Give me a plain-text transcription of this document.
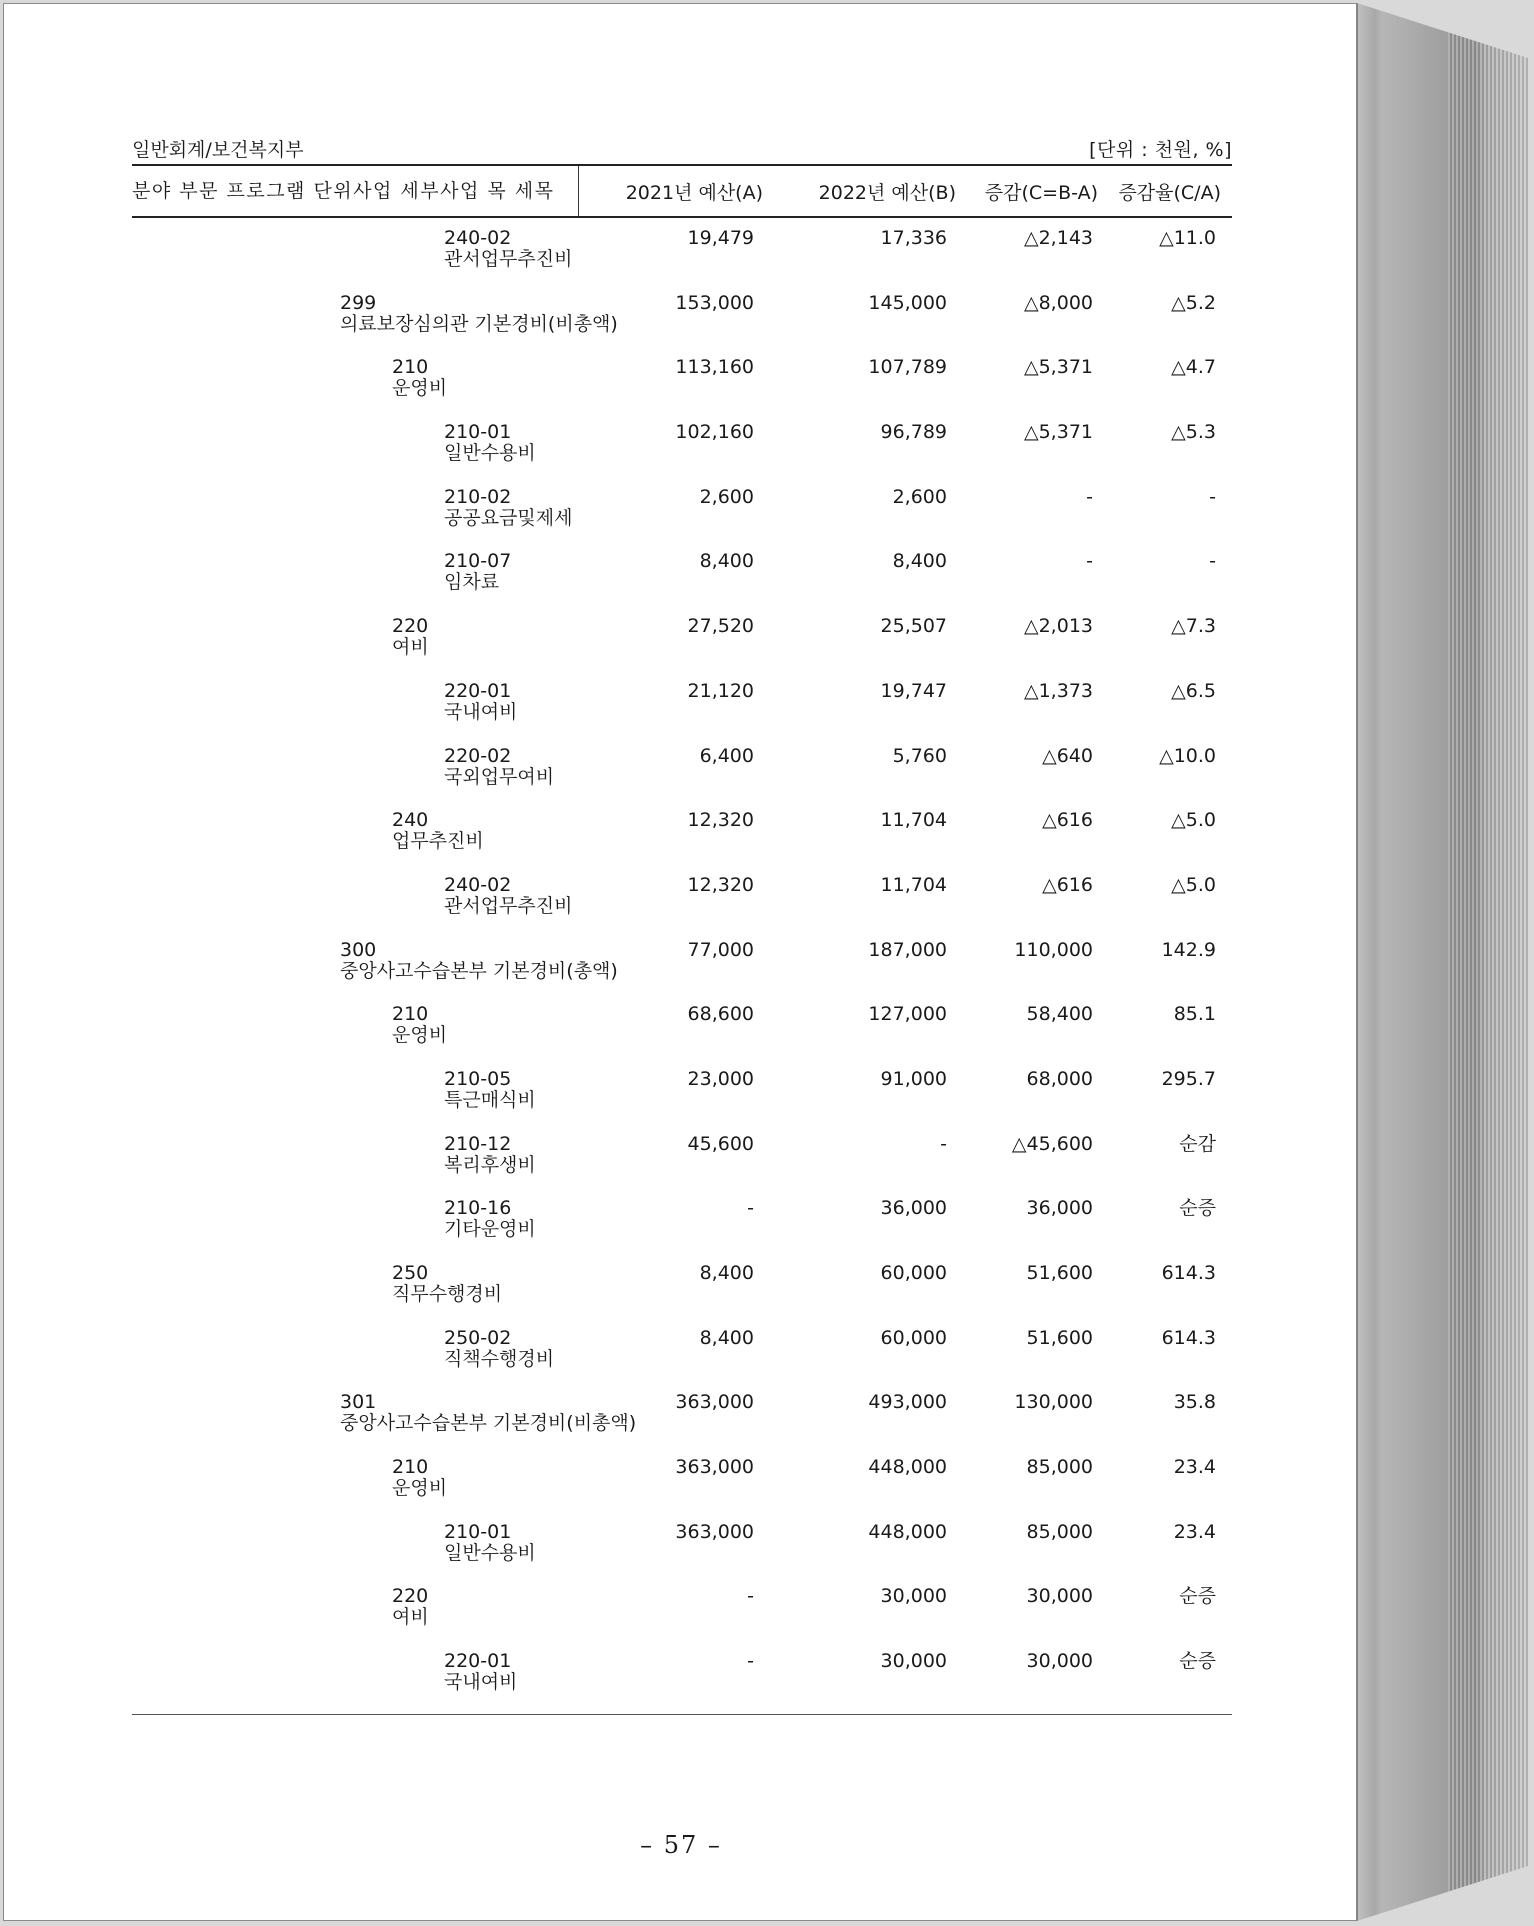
일반회계/보건복지부	[단위 : 천원, %]
분야 부문 프로그램 단위사업 세부사업 목 세목	2021년 예산(A)	2022년 예산(B)	증감(C=B-A)	증감율(C/A)
240-02
관서업무추진비
19,479	17,336	△2,143	△11.0
299
의료보장심의관 기본경비(비총액)
153,000	145,000	△8,000	△5.2
210
운영비
113,160	107,789	△5,371	△4.7
210-01
일반수용비
102,160	96,789	△5,371	△5.3
210-02
공공요금및제세
2,600	2,600	-	-
210-07
임차료
8,400	8,400	-	-
220
여비
27,520	25,507	△2,013	△7.3
220-01
국내여비
21,120	19,747	△1,373	△6.5
220-02
국외업무여비
6,400	5,760	△640	△10.0
240
업무추진비
12,320	11,704	△616	△5.0
240-02
관서업무추진비
12,320	11,704	△616	△5.0
300
중앙사고수습본부 기본경비(총액)
77,000	187,000	110,000	142.9
210
운영비
68,600	127,000	58,400	85.1
210-05
특근매식비
23,000	91,000	68,000	295.7
210-12
복리후생비
45,600	-	△45,600	순감
210-16
기타운영비
-	36,000	36,000	순증
250
직무수행경비
8,400	60,000	51,600	614.3
250-02
직책수행경비
8,400	60,000	51,600	614.3
301
중앙사고수습본부 기본경비(비총액)
363,000	493,000	130,000	35.8
210
운영비
363,000	448,000	85,000	23.4
210-01
일반수용비
363,000	448,000	85,000	23.4
220
여비
-	30,000	30,000	순증
220-01
국내여비
-	30,000	30,000	순증
– 57 –
